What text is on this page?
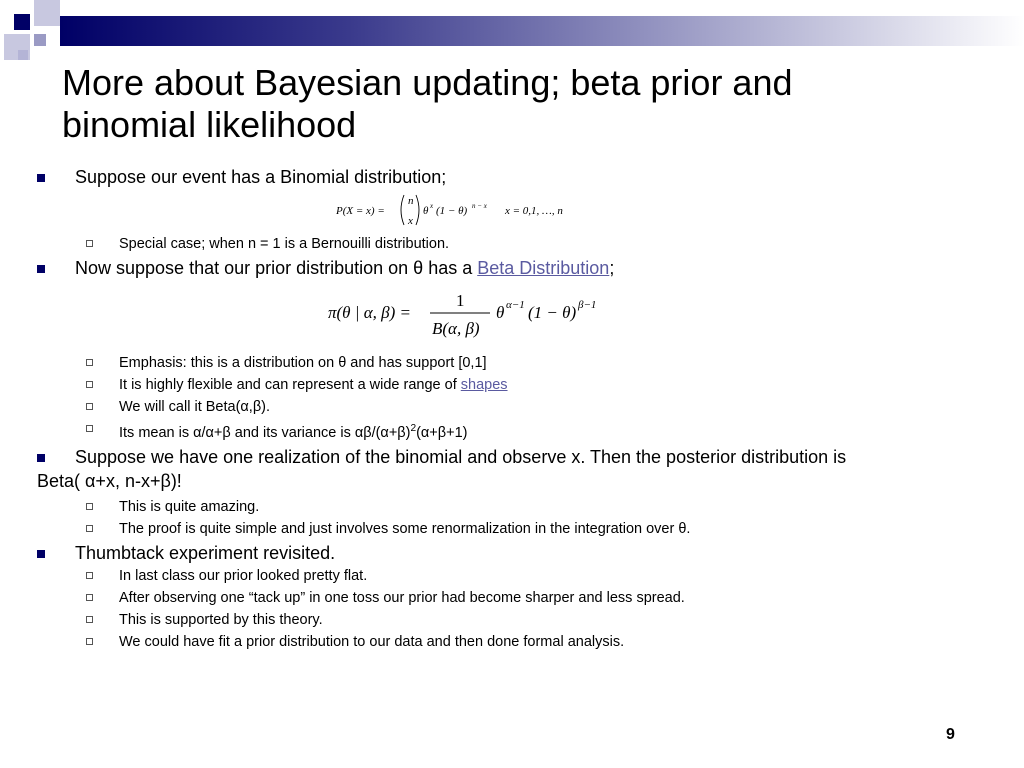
More about Bayesian updating; beta prior and
binomial likelihood
Suppose our event has a Binomial distribution;
P(X = x) =
n
x
θ x (1 − θ) n − x x = 0,1, …, n
Special case; when n = 1 is a Bernouilli distribution.
Now suppose that our prior distribution on θ has a Beta Distribution;
π(θ | α, β) =
1
B(α, β)
θ α−1 (1 − θ) β−1
Emphasis: this is a distribution on θ and has support [0,1]
It is highly flexible and can represent a wide range of shapes
We will call it Beta(α,β).
Its mean is α/α+β and its variance is $\alpha\beta/(\alpha+\beta)^2(\alpha+\beta+1)$
Suppose we have one realization of the binomial and observe x. Then the posterior distribution is
Beta( α+x, n-x+β)!
This is quite amazing.
The proof is quite simple and just involves some renormalization in the integration over θ.
Thumbtack experiment revisited.
In last class our prior looked pretty flat.
After observing one “tack up” in one toss our prior had become sharper and less spread.
This is supported by this theory.
We could have fit a prior distribution to our data and then done formal analysis.
9
